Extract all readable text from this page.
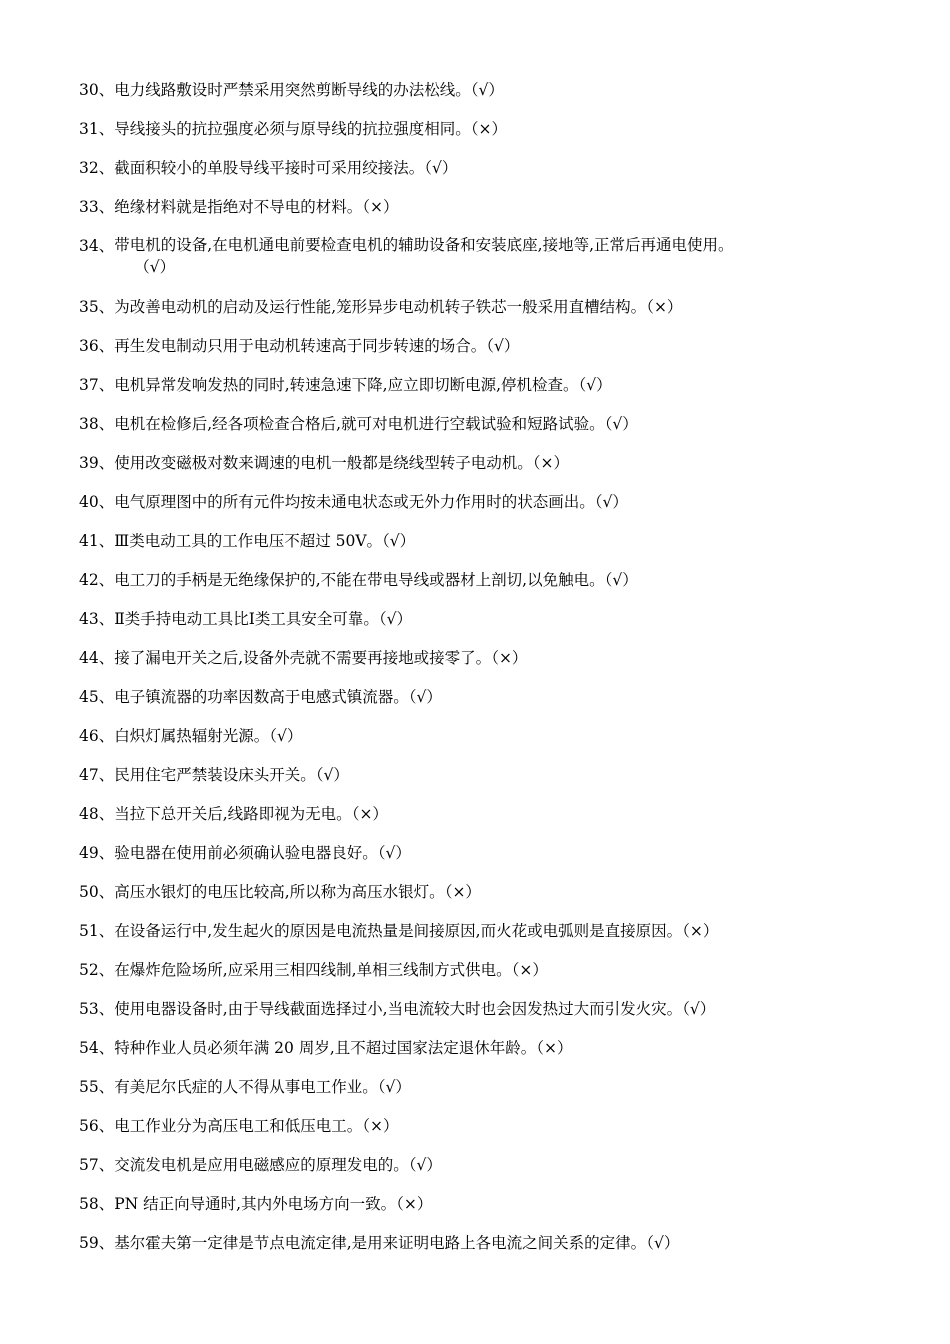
30 、 电力线路敷设时严禁采用突然剪断导线的办法松线。（√）
31 、 导线接头的抗拉强度必须与原导线的抗拉强度相同。（×）
32 、 截面积较小的单股导线平接时可采用绞接法。（√）
33 、 绝缘材料就是指绝对不导电的材料。（×）
34 、 带电机的设备,在电机通电前要检查电机的辅助设备和安装底座,接地等,正常后再通电使用。
（√）
35 、 为改善电动机的启动及运行性能,笼形异步电动机转子铁芯一般采用直槽结构。（×）
36 、 再生发电制动只用于电动机转速高于同步转速的场合。（√）
37 、 电机异常发响发热的同时,转速急速下降,应立即切断电源,停机检查。（√）
38 、 电机在检修后,经各项检查合格后,就可对电机进行空载试验和短路试验。（√）
39 、 使用改变磁极对数来调速的电机一般都是绕线型转子电动机。（×）
40 、 电气原理图中的所有元件均按未通电状态或无外力作用时的状态画出。（√）
41 、 Ⅲ类电动工具的工作电压不超过 50V。（√）
42 、 电工刀的手柄是无绝缘保护的,不能在带电导线或器材上剖切,以免触电。（√）
43 、 Ⅱ类手持电动工具比Ⅰ类工具安全可靠。（√）
44 、 接了漏电开关之后,设备外壳就不需要再接地或接零了。（×）
45 、 电子镇流器的功率因数高于电感式镇流器。（√）
46 、 白炽灯属热辐射光源。（√）
47 、 民用住宅严禁装设床头开关。（√）
48 、 当拉下总开关后,线路即视为无电。（×）
49 、 验电器在使用前必须确认验电器良好。（√）
50 、 高压水银灯的电压比较高,所以称为高压水银灯。（×）
51 、 在设备运行中,发生起火的原因是电流热量是间接原因,而火花或电弧则是直接原因。（×）
52 、 在爆炸危险场所,应采用三相四线制,单相三线制方式供电。（×）
53 、 使用电器设备时,由于导线截面选择过小,当电流较大时也会因发热过大而引发火灾。（√）
54 、 特种作业人员必须年满 20 周岁,且不超过国家法定退休年龄。（×）
55 、 有美尼尔氏症的人不得从事电工作业。（√）
56 、 电工作业分为高压电工和低压电工。（×）
57 、 交流发电机是应用电磁感应的原理发电的。（√）
58 、 PN 结正向导通时,其内外电场方向一致。（×）
59 、 基尔霍夫第一定律是节点电流定律,是用来证明电路上各电流之间关系的定律。（√）
